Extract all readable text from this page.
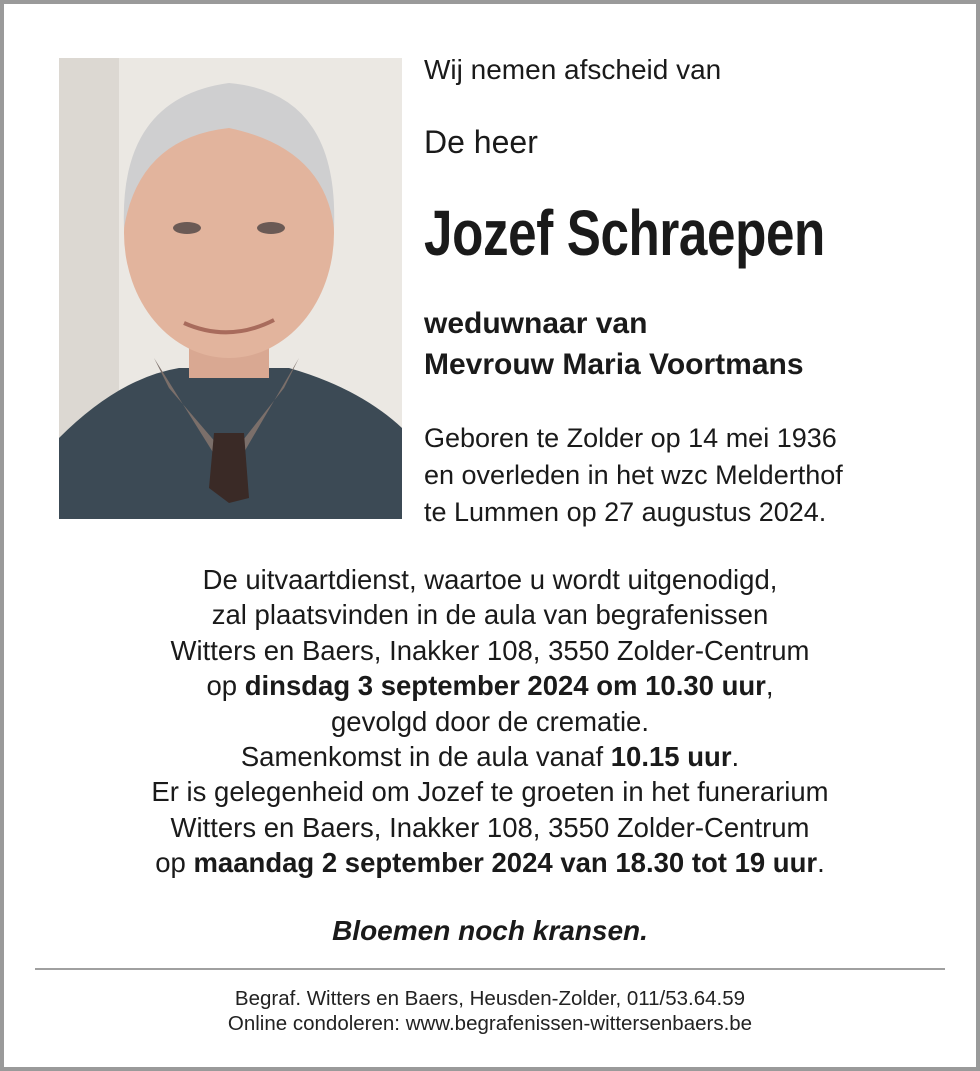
Wij nemen afscheid van
De heer
Jozef Schraepen
weduwnaar van
Mevrouw Maria Voortmans
Geboren te Zolder op 14 mei 1936
en overleden in het wzc Melderthof
te Lummen op 27 augustus 2024.
De uitvaartdienst, waartoe u wordt uitgenodigd,
zal plaatsvinden in de aula van begrafenissen
Witters en Baers, Inakker 108, 3550 Zolder-Centrum
op dinsdag 3 september 2024 om 10.30 uur,
gevolgd door de crematie.
Samenkomst in de aula vanaf 10.15 uur.
Er is gelegenheid om Jozef te groeten in het funerarium
Witters en Baers, Inakker 108, 3550 Zolder-Centrum
op maandag 2 september 2024 van 18.30 tot 19 uur.
Bloemen noch kransen.
Begraf. Witters en Baers, Heusden-Zolder, 011/53.64.59
Online condoleren: www.begrafenissen-wittersenbaers.be
